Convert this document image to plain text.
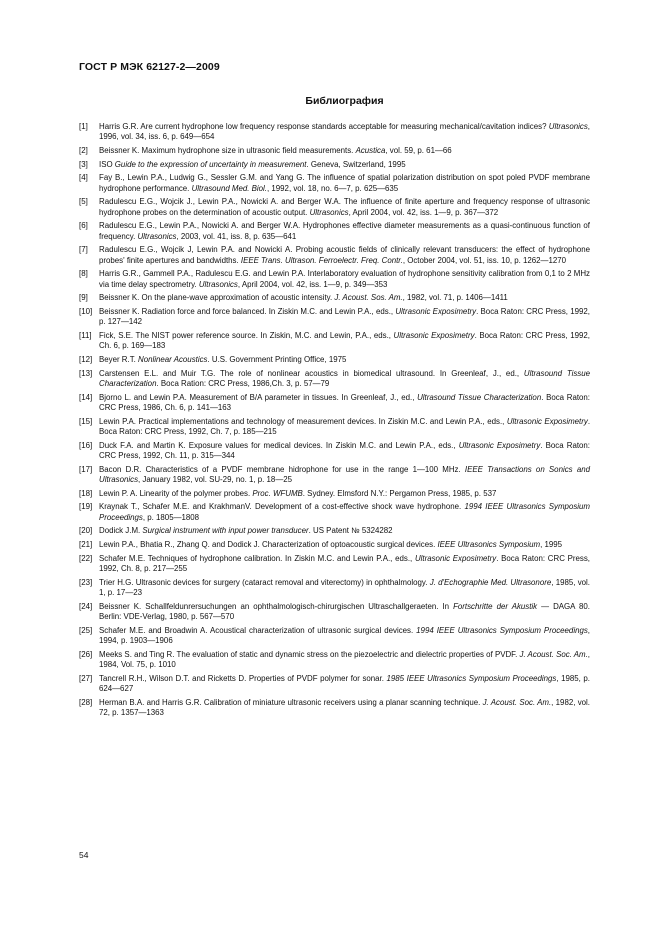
ГОСТ Р МЭК 62127-2—2009
Библиография
[1]	Harris G.R. Are current hydrophone low frequency response standards acceptable for measuring mechanical/cavitation indices? Ultrasonics, 1996, vol. 34, iss. 6, p. 649—654
[2]	Beissner K. Maximum hydrophone size in ultrasonic field measurements. Acustica, vol. 59, p. 61—66
[3]	ISO Guide to the expression of uncertainty in measurement. Geneva, Switzerland, 1995
[4]	Fay B., Lewin P.A., Ludwig G., Sessler G.M. and Yang G. The influence of spatial polarization distribution on spot poled PVDF membrane hydrophone performance. Ultrasound Med. Biol., 1992, vol. 18, no. 6—7, p. 625—635
[5]	Radulescu E.G., Wojcik J., Lewin P.A., Nowicki A. and Berger W.A. The influence of finite aperture and frequency response of ultrasonic hydrophone probes on the determination of acoustic output. Ultrasonics, April 2004, vol. 42, iss. 1—9, p. 367—372
[6]	Radulescu E.G., Lewin P.A., Nowicki A. and Berger W.A. Hydrophones effective diameter measurements as a quasi-continuous function of frequency. Ultrasonics, 2003, vol. 41, iss. 8, p. 635—641
[7]	Radulescu E.G., Wojcik J, Lewin P.A. and Nowicki A. Probing acoustic fields of clinically relevant transducers: the effect of hydrophone probes' finite apertures and bandwidths. IEEE Trans. Ultrason. Ferroelectr. Freq. Contr., October 2004, vol. 51, iss. 10, p. 1262—1270
[8]	Harris G.R., Gammell P.A., Radulescu E.G. and Lewin P.A. Interlaboratory evaluation of hydrophone sensitivity calibration from 0,1 to 2 MHz via time delay spectrometry. Ultrasonics, April 2004, vol. 42, iss. 1—9, p. 349—353
[9]	Beissner K. On the plane-wave approximation of acoustic intensity. J. Acoust. Sos. Am., 1982, vol. 71, p. 1406—1411
[10] Beissner K. Radiation force and force balanced. In Ziskin M.C. and Lewin P.A., eds., Ultrasonic Exposimetry. Boca Raton: CRC Press, 1992, p. 127—142
[11] Fick, S.E. The NIST power reference source. In Ziskin, M.C. and Lewin, P.A., eds., Ultrasonic Exposimetry. Boca Raton: CRC Press, 1992, Ch. 6, p. 169—183
[12] Beyer R.T. Nonlinear Acoustics. U.S. Government Printing Office, 1975
[13] Carstensen E.L. and Muir T.G. The role of nonlinear acoustics in biomedical ultrasound. In Greenleaf, J., ed., Ultrasound Tissue Characterization. Boca Ration: CRC Press, 1986,Ch. 3, p. 57—79
[14] Bjorno L. and Lewin P.A. Measurement of B/A parameter in tissues. In Greenleaf, J., ed., Ultrasound Tissue Characterization. Boca Raton: CRC Press, 1986, Ch. 6, p. 141—163
[15] Lewin P.A. Practical implementations and technology of measurement devices. In Ziskin M.C. and Lewin P.A., eds., Ultrasonic Exposimetry. Boca Raton: CRC Press, 1992, Ch. 7, p. 185—215
[16] Duck F.A. and Martin K. Exposure values for medical devices. In Ziskin M.C. and Lewin P.A., eds., Ultrasonic Exposimetry. Boca Raton: CRC Press, 1992, Ch. 11, p. 315—344
[17] Bacon D.R. Characteristics of a PVDF membrane hidrophone for use in the range 1—100 MHz. IEEE Transactions on Sonics and Ultrasonics, January 1982, vol. SU-29, no. 1, p. 18—25
[18] Lewin P. A. Linearity of the polymer probes. Proc. WFUMB. Sydney. Elmsford N.Y.: Pergamon Press, 1985, p. 537
[19] Kraynak T., Schafer M.E. and KrakhmanV. Development of a cost-effective shock wave hydrophone. 1994 IEEE Ultrasonics Symposium Proceedings, p. 1805—1808
[20] Dodick J.M. Surgical instrument with input power transducer. US Patent № 5324282
[21] Lewin P.A., Bhatia R., Zhang Q. and Dodick J. Characterization of optoacoustic surgical devices. IEEE Ultrasonics Symposium, 1995
[22] Schafer M.E. Techniques of hydrophone calibration. In Ziskin M.C. and Lewin P.A., eds., Ultrasonic Exposimetry. Boca Raton: CRC Press, 1992, Ch. 8, p. 217—255
[23] Trier H.G. Ultrasonic devices for surgery (cataract removal and viterectomy) in ophthalmology. J. d'Echographie Med. Ultrasonore, 1985, vol. 1, p. 17—23
[24] Beissner K. Schallfeldunrersuchungen an ophthalmologisch-chirurgischen Ultraschallgeraeten. In Fortschritte der Akustik — DAGA 80. Berlin: VDE-Verlag, 1980, p. 567—570
[25] Schafer M.E. and Broadwin A. Acoustical characterization of ultrasonic surgical devices. 1994 IEEE Ultrasonics Symposium Proceedings, 1994, p. 1903—1906
[26] Meeks S. and Ting R. The evaluation of static and dynamic stress on the piezoelectric and dielectric properties of PVDF. J. Acoust. Soc. Am., 1984, Vol. 75, p. 1010
[27] Tancrell R.H., Wilson D.T. and Ricketts D. Properties of PVDF polymer for sonar. 1985 IEEE Ultrasonics Symposium Proceedings, 1985, p. 624—627
[28] Herman B.A. and Harris G.R. Calibration of miniature ultrasonic receivers using a planar scanning technique. J. Acoust. Soc. Am., 1982, vol. 72, p. 1357—1363
54
